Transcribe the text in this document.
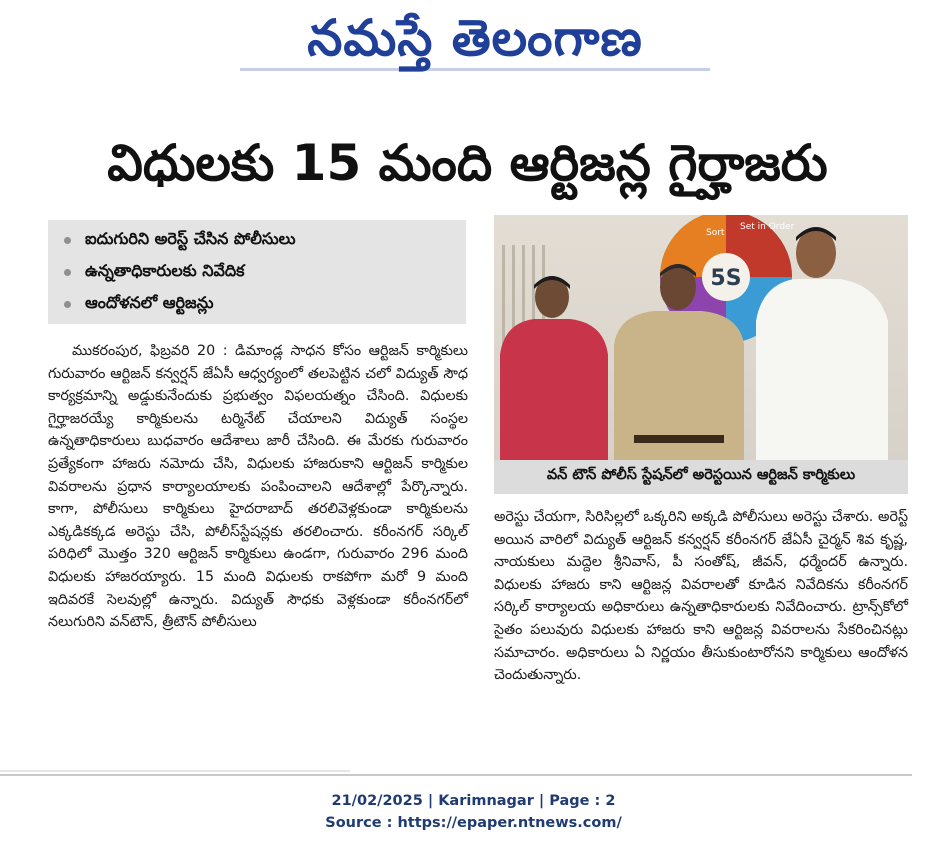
నమస్తే తెలంగాణ
విధులకు 15 మంది ఆర్టిజన్ల గైర్హాజరు
ఐదుగురిని అరెస్ట్ చేసిన పోలీసులు
ఉన్నతాధికారులకు నివేదిక
ఆందోళనలో ఆర్టిజన్లు

ముకరంపుర, ఫిబ్రవరి 20 : డిమాండ్ల సాధన కోసం ఆర్టిజన్ కార్మికులు గురువారం ఆర్టిజన్ కన్వర్షన్ జేఏసీ ఆధ్వర్యంలో తలపెట్టిన చలో విద్యుత్ సౌధ కార్యక్రమాన్ని అడ్డుకునేందుకు ప్రభుత్వం విఫలయత్నం చేసింది. విధులకు గైర్హాజరయ్యే కార్మికులను టర్మినేట్ చేయాలని విద్యుత్ సంస్థల ఉన్నతాధికారులు బుధవారం ఆదేశాలు జారీ చేసింది. ఈ మేరకు గురువారం ప్రత్యేకంగా హాజరు నమోదు చేసి, విధులకు హాజరుకాని ఆర్టిజన్ కార్మికుల వివరాలను ప్రధాన కార్యాలయాలకు పంపించాలని ఆదేశాల్లో పేర్కొన్నారు. కాగా, పోలీసులు కార్మికులు హైదరాబాద్ తరలివెళ్లకుండా కార్మికులను ఎక్కడికక్కడ అరెస్టు చేసి, పోలీస్‌స్టేషన్లకు తరలించారు. కరీంనగర్ సర్కిల్ పరిధిలో మొత్తం 320 ఆర్టిజన్ కార్మికులు ఉండగా, గురువారం 296 మంది విధులకు హాజరయ్యారు. 15 మంది విధులకు రాకపోగా మరో 9 మంది ఇదివరకే సెలవుల్లో ఉన్నారు. విద్యుత్ సౌధకు వెళ్లకుండా కరీంనగర్‌లో నలుగురిని వన్‌టౌన్, త్రీటౌన్ పోలీసులు

5S
Sort
Set in Order
వన్ టౌన్ పోలీస్ స్టేషన్‌లో అరెస్టయిన ఆర్టిజన్ కార్మికులు

అరెస్టు చేయగా, సిరిసిల్లలో ఒక్కరిని అక్కడి పోలీసులు అరెస్టు చేశారు. అరెస్ట్ అయిన వారిలో విద్యుత్ ఆర్టిజన్ కన్వర్షన్ కరీంనగర్ జేఏసీ చైర్మన్ శివ కృష్ణ, నాయకులు మద్దెల శ్రీనివాస్, పీ సంతోష్, జీవన్, ధర్మేందర్ ఉన్నారు. విధులకు హాజరు కాని ఆర్టిజన్ల వివరాలతో కూడిన నివేదికను కరీంనగర్ సర్కిల్ కార్యాలయ అధికారులు ఉన్నతాధికారులకు నివేదించారు. ట్రాన్స్‌కోలో సైతం పలువురు విధులకు హాజరు కాని ఆర్టిజన్ల వివరాలను సేకరించినట్లు సమాచారం. అధికారులు ఏ నిర్ణయం తీసుకుంటారోనని కార్మికులు ఆందోళన చెందుతున్నారు.

21/02/2025 | Karimnagar | Page : 2
Source : https://epaper.ntnews.com/
